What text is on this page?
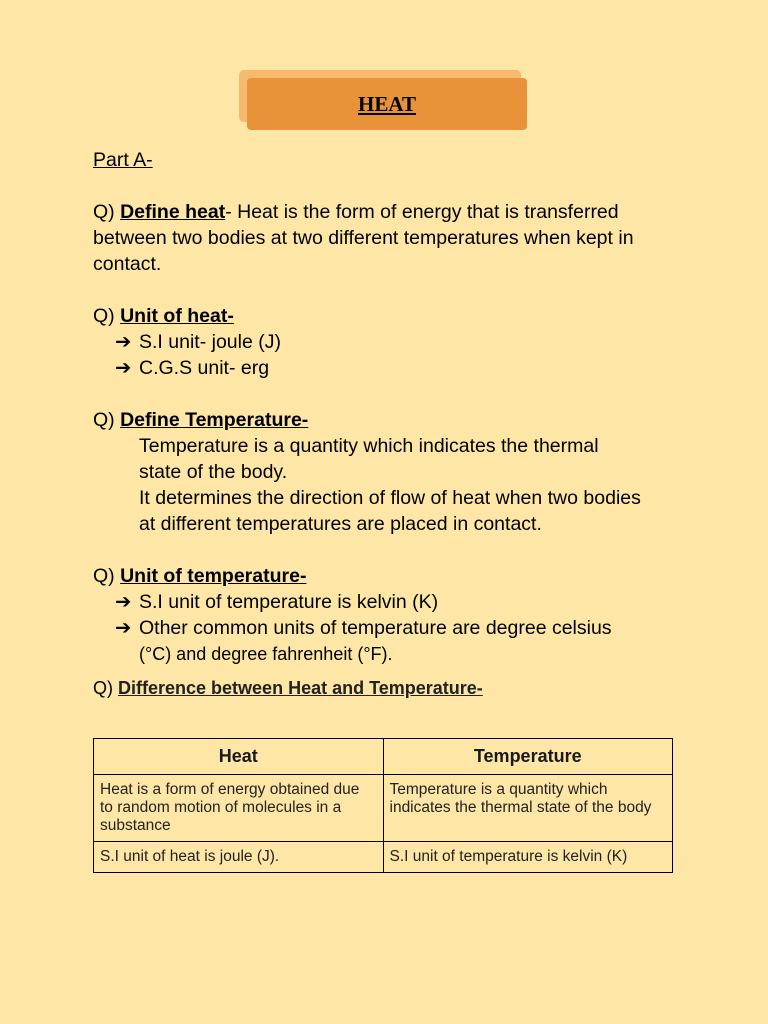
HEAT
Part A-
Q) Define heat- Heat is the form of energy that is transferred between two bodies at two different temperatures when kept in contact.
Q) Unit of heat-
➔ S.I unit- joule (J)
➔ C.G.S unit- erg
Q) Define Temperature-
Temperature is a quantity which indicates the thermal
state of the body.
It determines the direction of flow of heat when two bodies
at different temperatures are placed in contact.
Q) Unit of temperature-
➔ S.I unit of temperature is kelvin (K)
➔ Other common units of temperature are degree celsius
(°C) and degree fahrenheit (°F).
Q) Difference between Heat and Temperature-
Heat	Temperature
Heat is a form of energy obtained due to random motion of molecules in a substance	Temperature is a quantity which indicates the thermal state of the body
S.I unit of heat is joule (J).	S.I unit of temperature is kelvin (K)
